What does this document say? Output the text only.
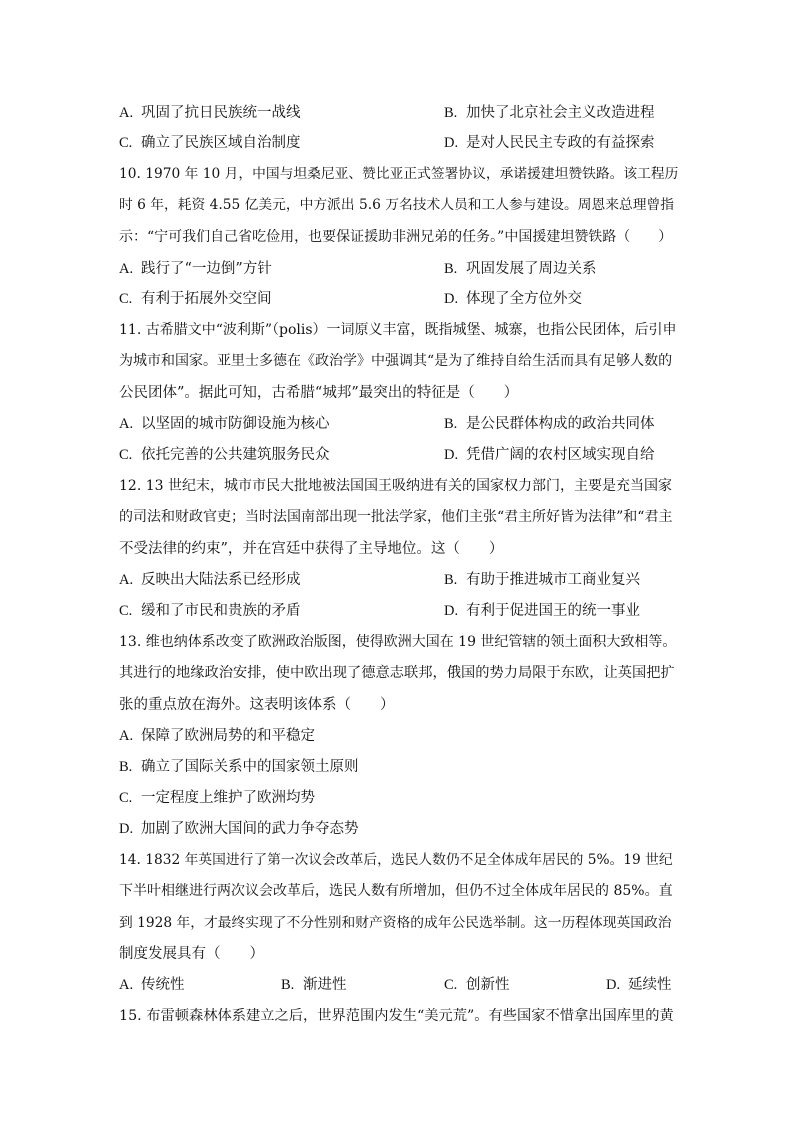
A. 巩固了抗日民族统一战线	B. 加快了北京社会主义改造进程
C. 确立了民族区域自治制度	D. 是对人民民主专政的有益探索
10. 1970 年 10 月，中国与坦桑尼亚、赞比亚正式签署协议，承诺援建坦赞铁路。该工程历
时 6 年，耗资 4.55 亿美元，中方派出 5.6 万名技术人员和工人参与建设。周恩来总理曾指
示：“宁可我们自己省吃俭用，也要保证援助非洲兄弟的任务。”中国援建坦赞铁路（　　）
A. 践行了“一边倒”方针	B. 巩固发展了周边关系
C. 有利于拓展外交空间	D. 体现了全方位外交
11. 古希腊文中“波利斯”（polis）一词原义丰富，既指城堡、城寨，也指公民团体，后引申
为城市和国家。亚里士多德在《政治学》中强调其“是为了维持自给生活而具有足够人数的
公民团体”。据此可知，古希腊“城邦”最突出的特征是（　　）
A. 以坚固的城市防御设施为核心	B. 是公民群体构成的政治共同体
C. 依托完善的公共建筑服务民众	D. 凭借广阔的农村区域实现自给
12. 13 世纪末，城市市民大批地被法国国王吸纳进有关的国家权力部门，主要是充当国家
的司法和财政官吏；当时法国南部出现一批法学家，他们主张“君主所好皆为法律”和“君主
不受法律的约束”，并在宫廷中获得了主导地位。这（　　）
A. 反映出大陆法系已经形成	B. 有助于推进城市工商业复兴
C. 缓和了市民和贵族的矛盾	D. 有利于促进国王的统一事业
13. 维也纳体系改变了欧洲政治版图，使得欧洲大国在 19 世纪管辖的领土面积大致相等。
其进行的地缘政治安排，使中欧出现了德意志联邦，俄国的势力局限于东欧，让英国把扩
张的重点放在海外。这表明该体系（　　）
A. 保障了欧洲局势的和平稳定
B. 确立了国际关系中的国家领土原则
C. 一定程度上维护了欧洲均势
D. 加剧了欧洲大国间的武力争夺态势
14. 1832 年英国进行了第一次议会改革后，选民人数仍不足全体成年居民的 5%。19 世纪
下半叶相继进行两次议会改革后，选民人数有所增加，但仍不过全体成年居民的 85%。直
到 1928 年，才最终实现了不分性别和财产资格的成年公民选举制。这一历程体现英国政治
制度发展具有（　　）
A. 传统性	B. 渐进性	C. 创新性	D. 延续性
15. 布雷顿森林体系建立之后，世界范围内发生“美元荒”。有些国家不惜拿出国库里的黄
